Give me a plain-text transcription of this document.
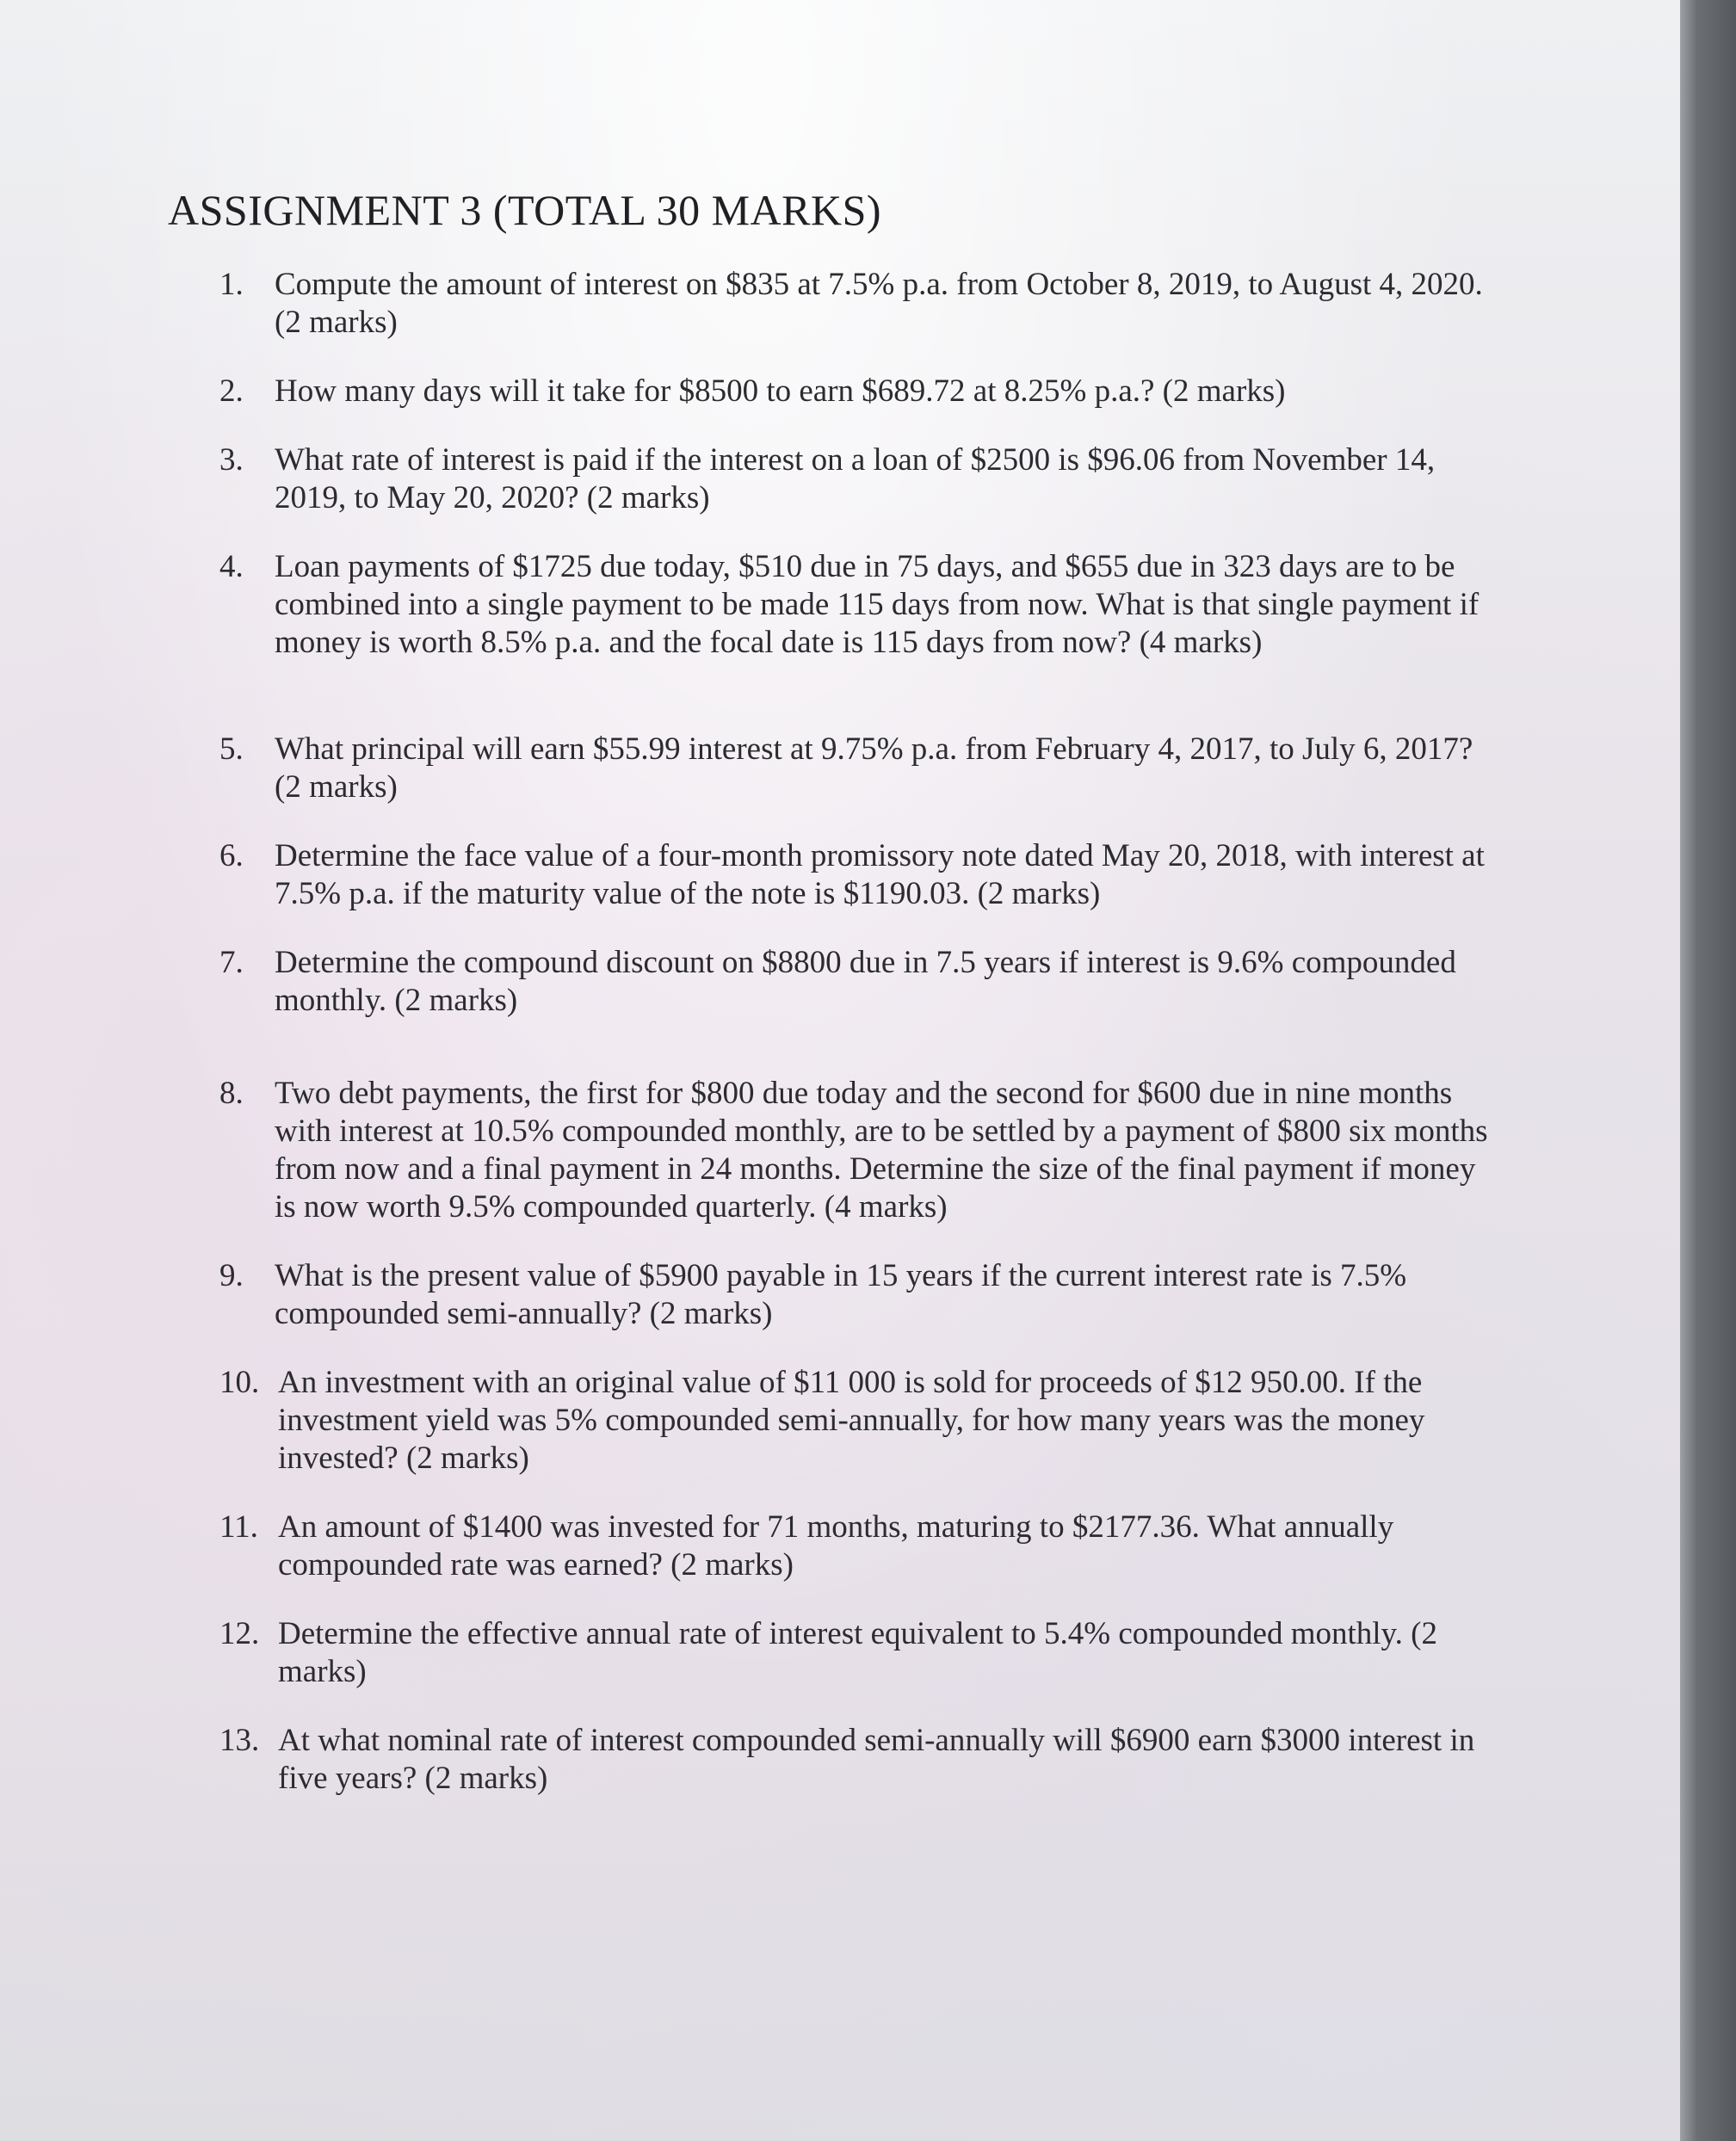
ASSIGNMENT 3 (TOTAL 30 MARKS)
1. Compute the amount of interest on $835 at 7.5% p.a. from October 8, 2019, to August 4, 2020. (2 marks)
2. How many days will it take for $8500 to earn $689.72 at 8.25% p.a.? (2 marks)
3. What rate of interest is paid if the interest on a loan of $2500 is $96.06 from November 14, 2019, to May 20, 2020? (2 marks)
4. Loan payments of $1725 due today, $510 due in 75 days, and $655 due in 323 days are to be combined into a single payment to be made 115 days from now. What is that single payment if money is worth 8.5% p.a. and the focal date is 115 days from now? (4 marks)
5. What principal will earn $55.99 interest at 9.75% p.a. from February 4, 2017, to July 6, 2017? (2 marks)
6. Determine the face value of a four-month promissory note dated May 20, 2018, with interest at 7.5% p.a. if the maturity value of the note is $1190.03. (2 marks)
7. Determine the compound discount on $8800 due in 7.5 years if interest is 9.6% compounded monthly. (2 marks)
8. Two debt payments, the first for $800 due today and the second for $600 due in nine months with interest at 10.5% compounded monthly, are to be settled by a payment of $800 six months from now and a final payment in 24 months. Determine the size of the final payment if money is now worth 9.5% compounded quarterly. (4 marks)
9. What is the present value of $5900 payable in 15 years if the current interest rate is 7.5% compounded semi-annually? (2 marks)
10. An investment with an original value of $11 000 is sold for proceeds of $12 950.00. If the investment yield was 5% compounded semi-annually, for how many years was the money invested? (2 marks)
11. An amount of $1400 was invested for 71 months, maturing to $2177.36. What annually compounded rate was earned? (2 marks)
12. Determine the effective annual rate of interest equivalent to 5.4% compounded monthly. (2 marks)
13. At what nominal rate of interest compounded semi-annually will $6900 earn $3000 interest in five years? (2 marks)
